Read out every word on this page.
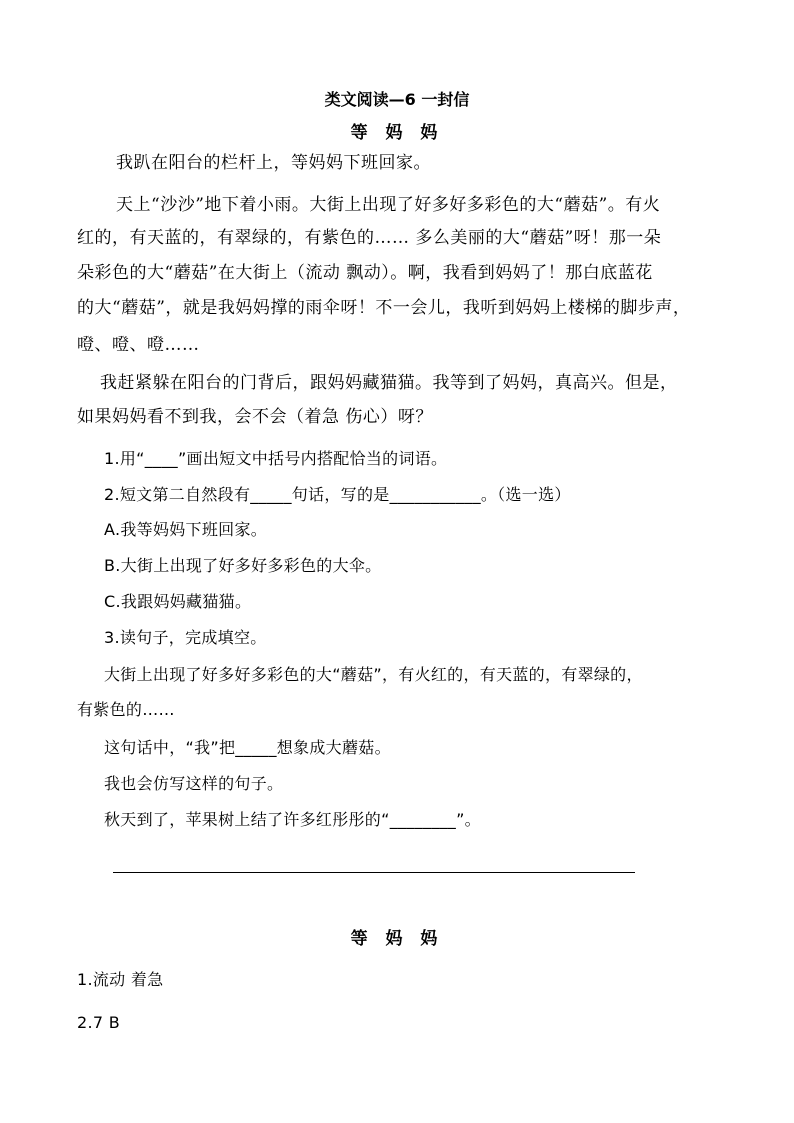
类文阅读—6 一封信
等 妈 妈
我趴在阳台的栏杆上，等妈妈下班回家。
天上“沙沙”地下着小雨。大街上出现了好多好多彩色的大“蘑菇”。有火
红的，有天蓝的，有翠绿的，有紫色的…… 多么美丽的大“蘑菇”呀！那一朵
朵彩色的大“蘑菇”在大街上（流动 飘动）。啊，我看到妈妈了！那白底蓝花
的大“蘑菇”，就是我妈妈撑的雨伞呀！不一会儿，我听到妈妈上楼梯的脚步声，
噔、噔、噔……
我赶紧躲在阳台的门背后，跟妈妈藏猫猫。我等到了妈妈，真高兴。但是，
如果妈妈看不到我，会不会（着急 伤心）呀？
1.用“____”画出短文中括号内搭配恰当的词语。
2.短文第二自然段有_____句话，写的是___________。（选一选）
A.我等妈妈下班回家。
B.大街上出现了好多好多彩色的大伞。
C.我跟妈妈藏猫猫。
3.读句子，完成填空。
大街上出现了好多好多彩色的大“蘑菇”，有火红的，有天蓝的，有翠绿的，
有紫色的……
这句话中，“我”把_____想象成大蘑菇。
我也会仿写这样的句子。
秋天到了，苹果树上结了许多红彤彤的“________”。
等 妈 妈
1.流动 着急
2.7 B
